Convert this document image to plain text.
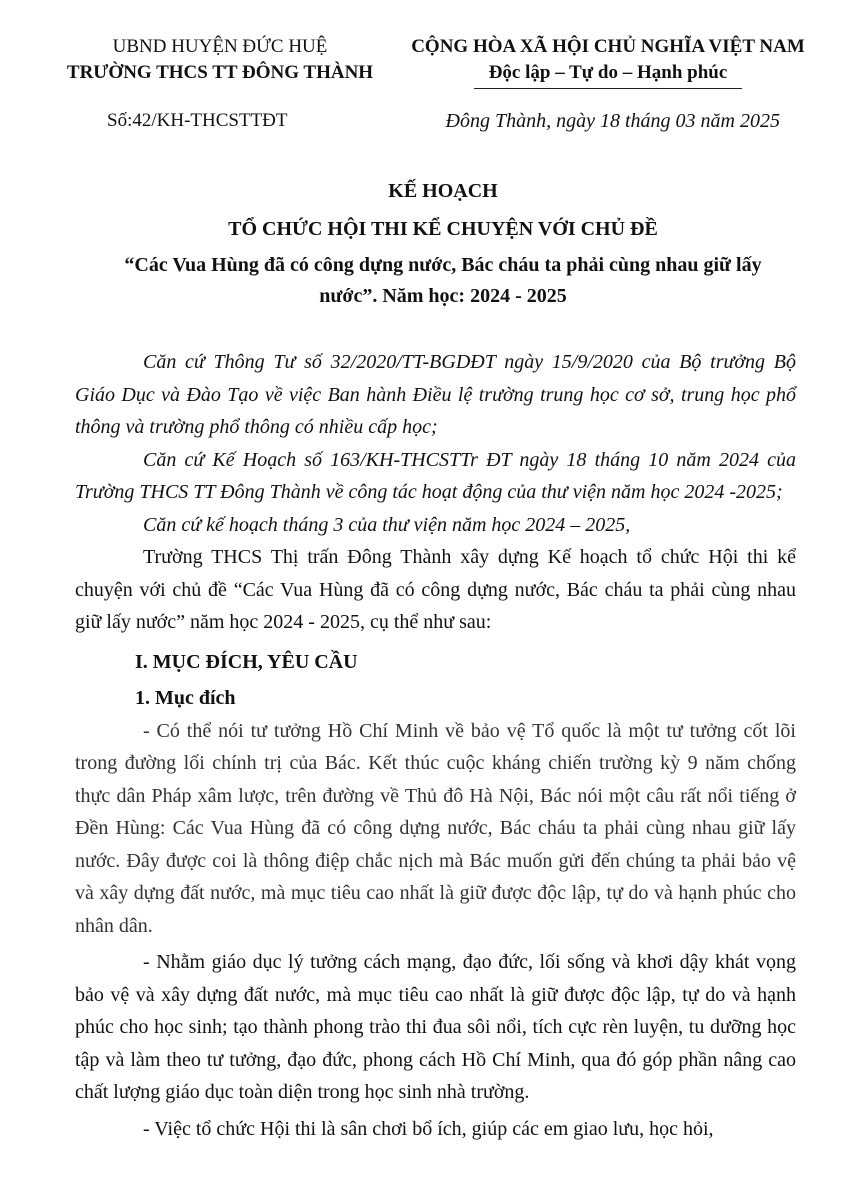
UBND HUYỆN ĐỨC HUỆ
TRƯỜNG THCS TT ĐÔNG THÀNH
CỘNG HÒA XÃ HỘI CHỦ NGHĨA VIỆT NAM
Độc lập – Tự do – Hạnh phúc
Số:42/KH-THCSTTĐT	Đông Thành, ngày 18 tháng 03 năm 2025
KẾ HOẠCH
TỔ CHỨC HỘI THI KỂ CHUYỆN VỚI CHỦ ĐỀ
“Các Vua Hùng đã có công dựng nước, Bác cháu ta phải cùng nhau giữ lấy nước”. Năm học: 2024 - 2025

Căn cứ Thông Tư số 32/2020/TT-BGDĐT ngày 15/9/2020 của Bộ trưởng Bộ Giáo Dục và Đào Tạo về việc Ban hành Điều lệ trường trung học cơ sở, trung học phổ thông và trường phổ thông có nhiều cấp học;

Căn cứ Kế Hoạch số 163/KH-THCSTTr ĐT ngày 18 tháng 10 năm 2024 của Trường THCS TT Đông Thành về công tác hoạt động của thư viện năm học 2024 -2025;

Căn cứ kế hoạch tháng 3 của thư viện năm học 2024 – 2025,

Trường THCS Thị trấn Đông Thành xây dựng Kế hoạch tổ chức Hội thi kể chuyện với chủ đề “Các Vua Hùng đã có công dựng nước, Bác cháu ta phải cùng nhau giữ lấy nước” năm học 2024 - 2025, cụ thể như sau:

I. MỤC ĐÍCH, YÊU CẦU
1. Mục đích

- Có thể nói tư tưởng Hồ Chí Minh về bảo vệ Tổ quốc là một tư tưởng cốt lõi trong đường lối chính trị của Bác. Kết thúc cuộc kháng chiến trường kỳ 9 năm chống thực dân Pháp xâm lược, trên đường về Thủ đô Hà Nội, Bác nói một câu rất nổi tiếng ở Đền Hùng: Các Vua Hùng đã có công dựng nước, Bác cháu ta phải cùng nhau giữ lấy nước. Đây được coi là thông điệp chắc nịch mà Bác muốn gửi đến chúng ta phải bảo vệ và xây dựng đất nước, mà mục tiêu cao nhất là giữ được độc lập, tự do và hạnh phúc cho nhân dân.

- Nhằm giáo dục lý tưởng cách mạng, đạo đức, lối sống và khơi dậy khát vọng bảo vệ và xây dựng đất nước, mà mục tiêu cao nhất là giữ được độc lập, tự do và hạnh phúc cho học sinh; tạo thành phong trào thi đua sôi nổi, tích cực rèn luyện, tu dưỡng học tập và làm theo tư tưởng, đạo đức, phong cách Hồ Chí Minh, qua đó góp phần nâng cao chất lượng giáo dục toàn diện trong học sinh nhà trường.

- Việc tổ chức Hội thi là sân chơi bổ ích, giúp các em giao lưu, học hỏi,
